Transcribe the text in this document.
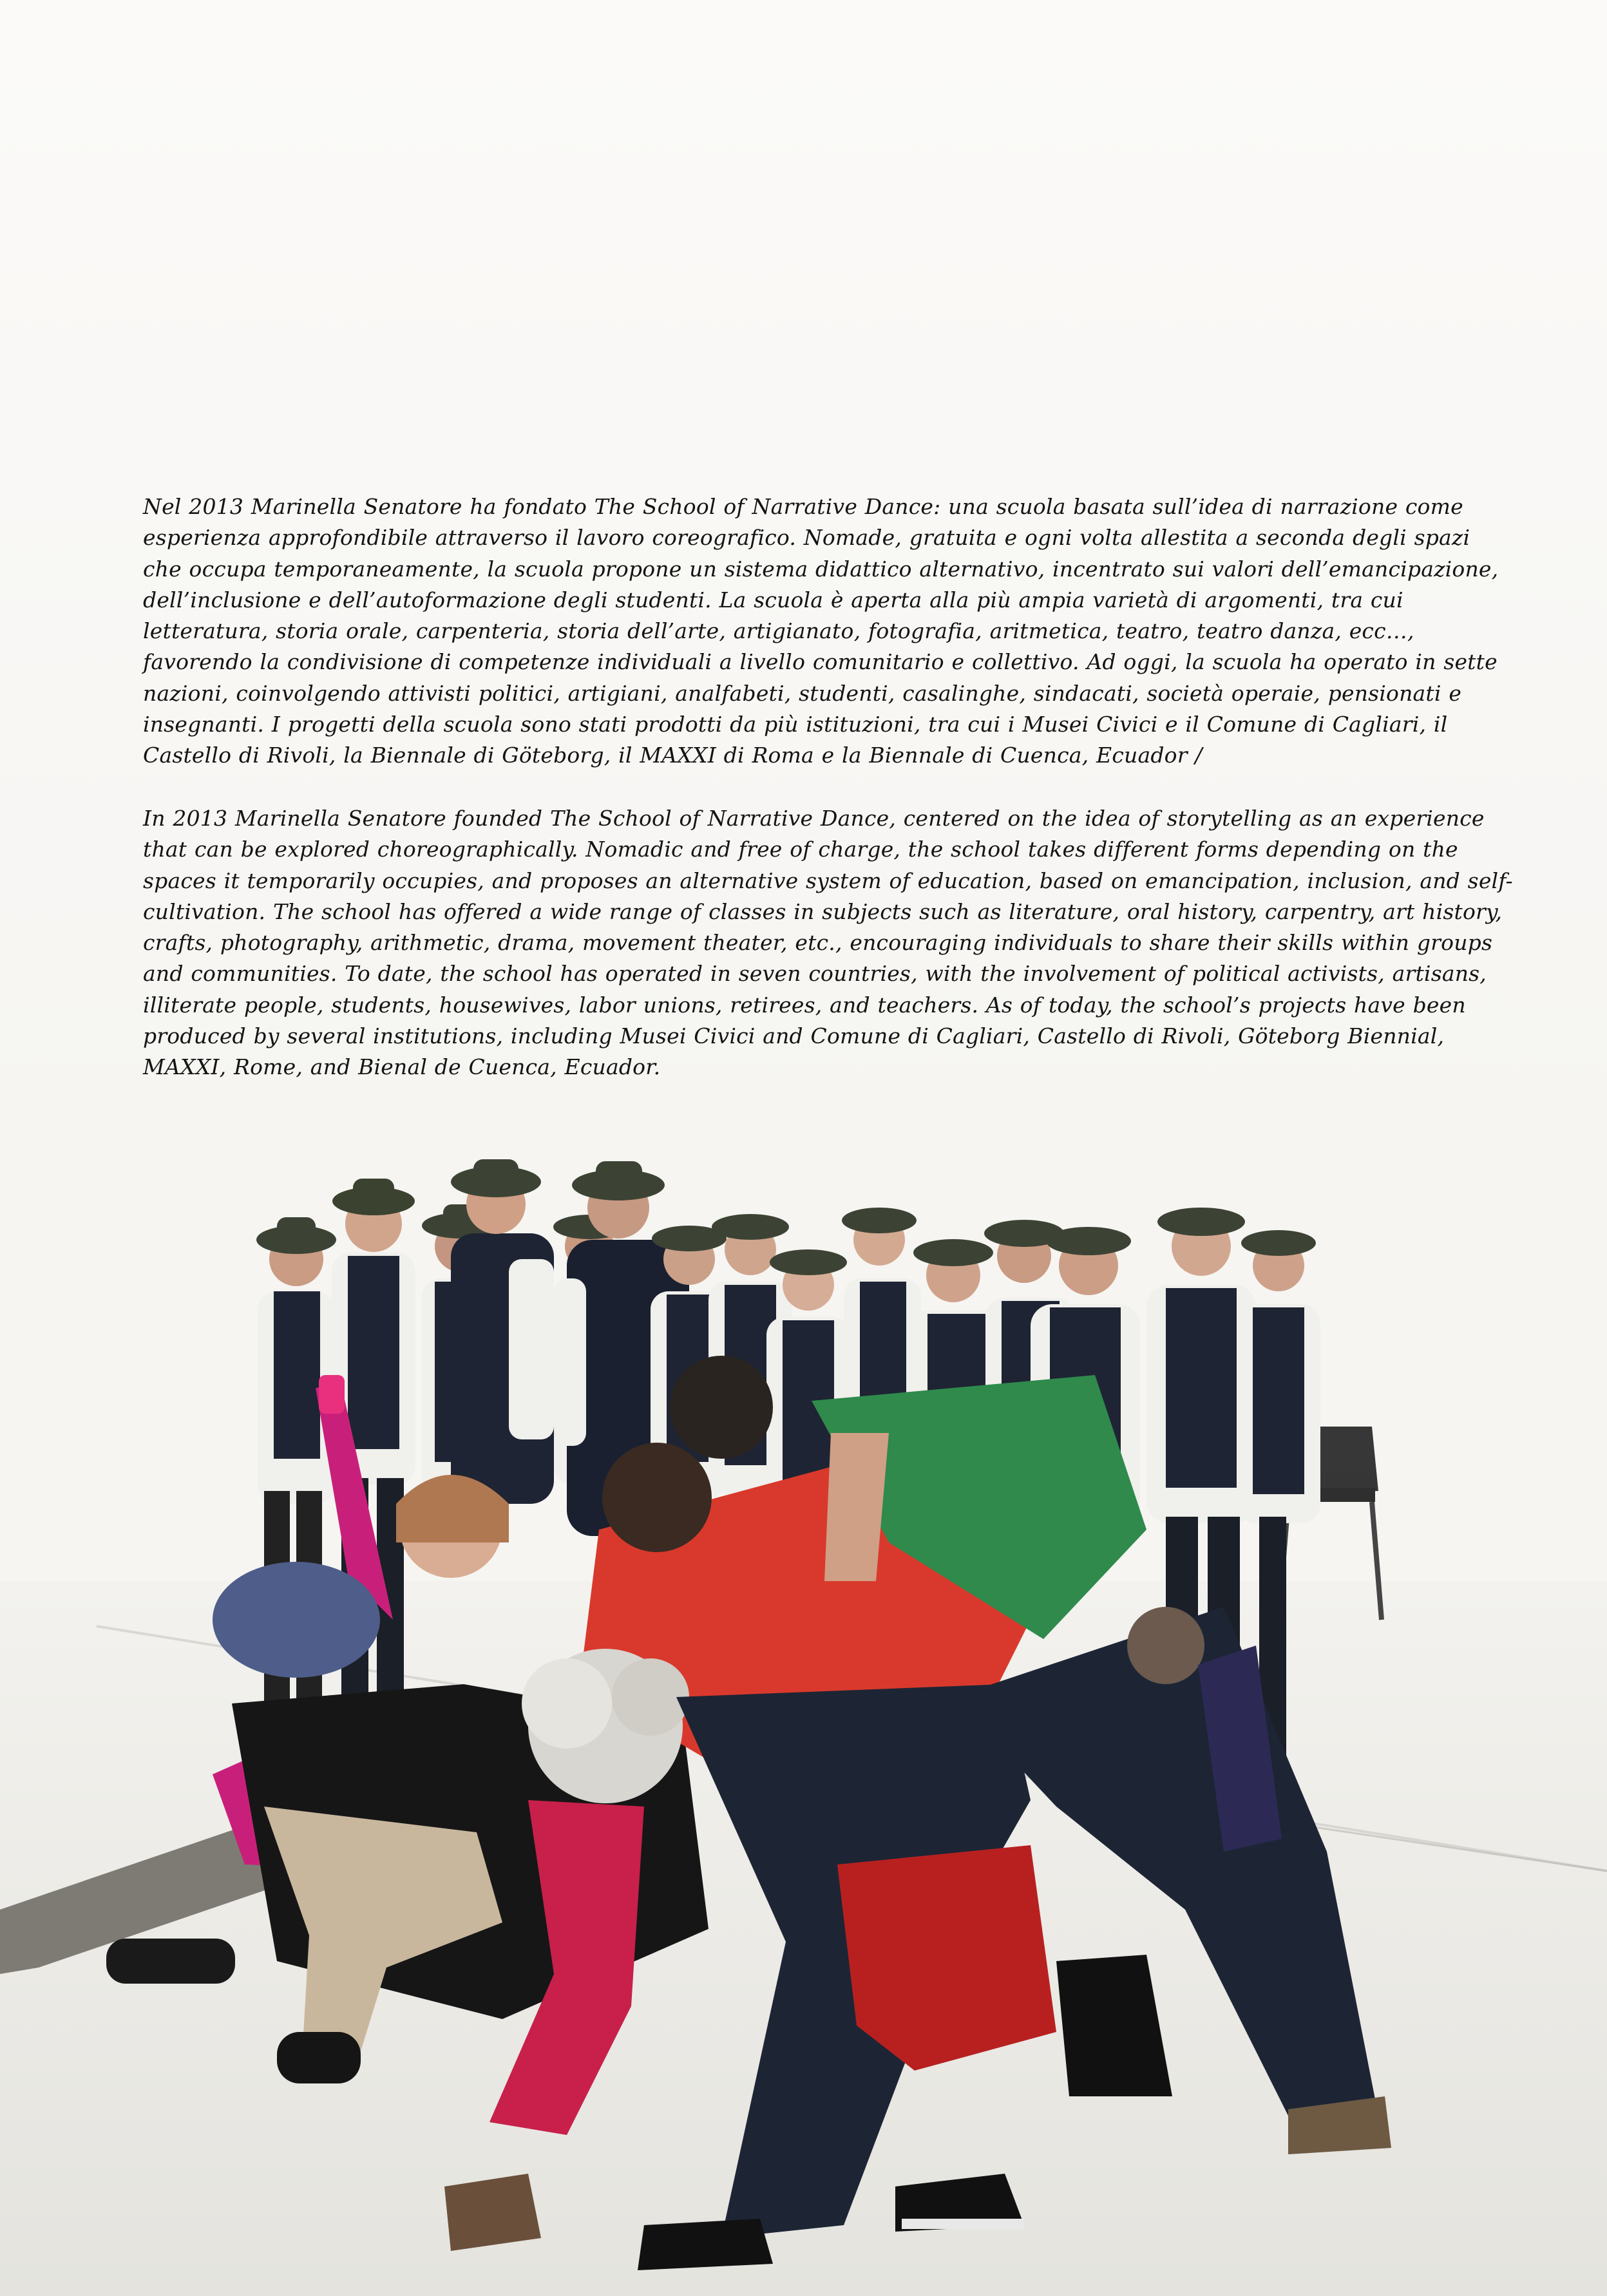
Nel 2013 Marinella Senatore ha fondato The School of Narrative Dance: una scuola basata sull’idea di narrazione come esperienza approfondibile attraverso il lavoro coreografico. Nomade, gratuita e ogni volta allestita a seconda degli spazi che occupa temporaneamente, la scuola propone un sistema didattico alternativo, incentrato sui valori dell’emancipazione, dell’inclusione e dell’autoformazione degli studenti. La scuola è aperta alla più ampia varietà di argomenti, tra cui letteratura, storia orale, carpenteria, storia dell’arte, artigianato, fotografia, aritmetica, teatro, teatro danza, ecc…, favorendo la condivisione di competenze individuali a livello comunitario e collettivo. Ad oggi, la scuola ha operato in sette nazioni, coinvolgendo attivisti politici, artigiani, analfabeti, studenti, casalinghe, sindacati, società operaie, pensionati e insegnanti. I progetti della scuola sono stati prodotti da più istituzioni, tra cui i Musei Civici e il Comune di Cagliari, il Castello di Rivoli, la Biennale di Göteborg, il MAXXI di Roma e la Biennale di Cuenca, Ecuador /

In 2013 Marinella Senatore founded The School of Narrative Dance, centered on the idea of storytelling as an experience that can be explored choreographically. Nomadic and free of charge, the school takes different forms depending on the spaces it temporarily occupies, and proposes an alternative system of education, based on emancipation, inclusion, and self-cultivation. The school has offered a wide range of classes in subjects such as literature, oral history, carpentry, art history, crafts, photography, arithmetic, drama, movement theater, etc., encouraging individuals to share their skills within groups and communities. To date, the school has operated in seven countries, with the involvement of political activists, artisans, illiterate people, students, housewives, labor unions, retirees, and teachers. As of today, the school’s projects have been produced by several institutions, including Musei Civici and Comune di Cagliari, Castello di Rivoli, Göteborg Biennial, MAXXI, Rome, and Bienal de Cuenca, Ecuador.
